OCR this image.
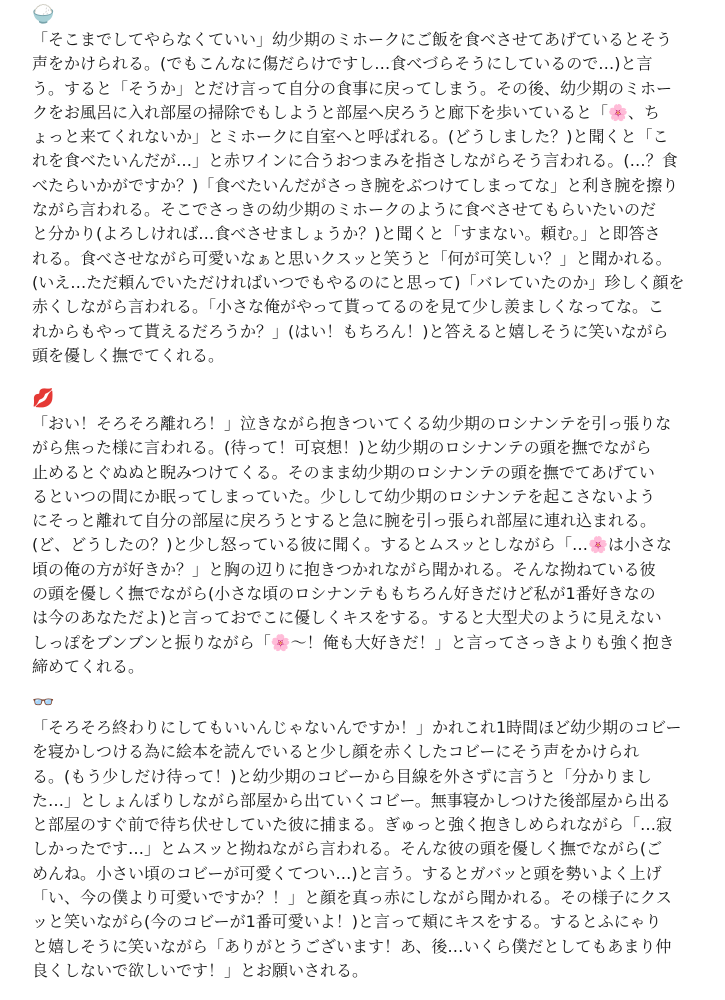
🍚
「そこまでしてやらなくていい」幼少期のミホークにご飯を食べさせてあげているとそう
声をかけられる。(でもこんなに傷だらけですし…食べづらそうにしているので…)と言
う。すると「そうか」とだけ言って自分の食事に戻ってしまう。その後、幼少期のミホー
クをお風呂に入れ部屋の掃除でもしようと部屋へ戻ろうと廊下を歩いていると「🌸、ち
ょっと来てくれないか」とミホークに自室へと呼ばれる。(どうしました？)と聞くと「こ
れを食べたいんだが…」と赤ワインに合うおつまみを指さしながらそう言われる。(…？食
べたらいかがですか？)「食べたいんだがさっき腕をぶつけてしまってな」と利き腕を擦り
ながら言われる。そこでさっきの幼少期のミホークのように食べさせてもらいたいのだ
と分かり(よろしければ…食べさせましょうか？)と聞くと「すまない。頼む。」と即答さ
れる。食べさせながら可愛いなぁと思いクスッと笑うと「何が可笑しい？」と聞かれる。
(いえ…ただ頼んでいただければいつでもやるのにと思って)「バレていたのか」珍しく顔を
赤くしながら言われる。「小さな俺がやって貰ってるのを見て少し羨ましくなってな。こ
れからもやって貰えるだろうか？」(はい！もちろん！)と答えると嬉しそうに笑いながら
頭を優しく撫でてくれる。
💋
「おい！そろそろ離れろ！」泣きながら抱きついてくる幼少期のロシナンテを引っ張りな
がら焦った様に言われる。(待って！可哀想！)と幼少期のロシナンテの頭を撫でながら
止めるとぐぬぬと睨みつけてくる。そのまま幼少期のロシナンテの頭を撫でてあげてい
るといつの間にか眠ってしまっていた。少しして幼少期のロシナンテを起こさないよう
にそっと離れて自分の部屋に戻ろうとすると急に腕を引っ張られ部屋に連れ込まれる。
(ど、どうしたの？)と少し怒っている彼に聞く。するとムスッとしながら「…🌸は小さな
頃の俺の方が好きか？」と胸の辺りに抱きつかれながら聞かれる。そんな拗ねている彼
の頭を優しく撫でながら(小さな頃のロシナンテももちろん好きだけど私が1番好きなの
は今のあなただよ)と言っておでこに優しくキスをする。すると大型犬のように見えない
しっぽをブンブンと振りながら「🌸〜！俺も大好きだ！」と言ってさっきよりも強く抱き
締めてくれる。
👓
「そろそろ終わりにしてもいいんじゃないんですか！」かれこれ1時間ほど幼少期のコビー
を寝かしつける為に絵本を読んでいると少し顔を赤くしたコビーにそう声をかけられ
る。(もう少しだけ待って！)と幼少期のコビーから目線を外さずに言うと「分かりまし
た…」としょんぼりしながら部屋から出ていくコビー。無事寝かしつけた後部屋から出る
と部屋のすぐ前で待ち伏せしていた彼に捕まる。ぎゅっと強く抱きしめられながら「…寂
しかったです…」とムスッと拗ねながら言われる。そんな彼の頭を優しく撫でながら(ご
めんね。小さい頃のコビーが可愛くてつい…)と言う。するとガバッと頭を勢いよく上げ
「い、今の僕より可愛いですか？！」と顔を真っ赤にしながら聞かれる。その様子にクス
ッと笑いながら(今のコビーが1番可愛いよ！)と言って頬にキスをする。するとふにゃり
と嬉しそうに笑いながら「ありがとうございます！あ、後…いくら僕だとしてもあまり仲
良くしないで欲しいです！」とお願いされる。
